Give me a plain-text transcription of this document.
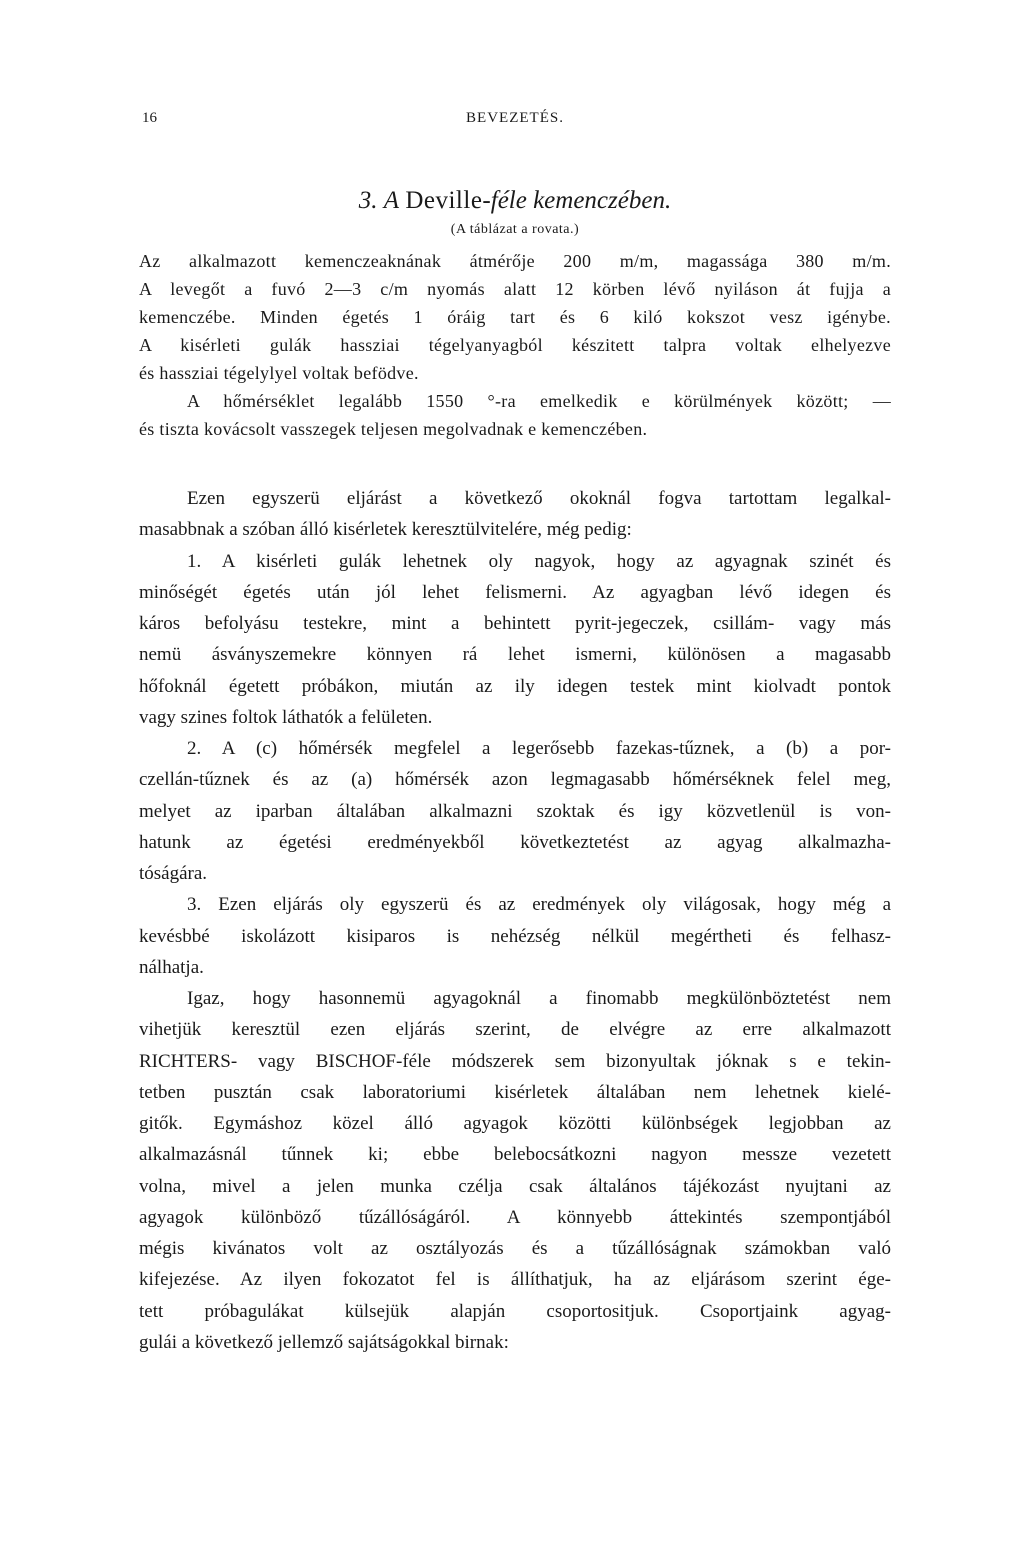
16	BEVEZETÉS.
3. A Deville-féle kemenczében.
(A táblázat a rovata.)
Az alkalmazott kemenczeaknának átmérője 200 m/m, magassága 380 m/m.
A levegőt a fuvó 2—3 c/m nyomás alatt 12 körben lévő nyiláson át fujja a
kemenczébe. Minden égetés 1 óráig tart és 6 kiló kokszot vesz igénybe.
A kisérleti gulák hassziai tégelyanyagból készitett talpra voltak elhelyezve
és hassziai tégelylyel voltak befödve.
A hőmérséklet legalább 1550 °-ra emelkedik e körülmények között; —
és tiszta kovácsolt vasszegek teljesen megolvadnak e kemenczében.
Ezen egyszerü eljárást a következő okoknál fogva tartottam legalkal-
masabbnak a szóban álló kisérletek keresztülvitelére, még pedig:
1. A kisérleti gulák lehetnek oly nagyok, hogy az agyagnak szinét és
minőségét égetés után jól lehet felismerni. Az agyagban lévő idegen és
káros befolyásu testekre, mint a behintett pyrit-jegeczek, csillám- vagy más
nemü ásványszemekre könnyen rá lehet ismerni, különösen a magasabb
hőfoknál égetett próbákon, miután az ily idegen testek mint kiolvadt pontok
vagy szines foltok láthatók a felületen.
2. A (c) hőmérsék megfelel a legerősebb fazekas-tűznek, a (b) a por-
czellán-tűznek és az (a) hőmérsék azon legmagasabb hőmérséknek felel meg,
melyet az iparban általában alkalmazni szoktak és igy közvetlenül is von-
hatunk az égetési eredményekből következtetést az agyag alkalmazha-
tóságára.
3. Ezen eljárás oly egyszerü és az eredmények oly világosak, hogy még a
kevésbbé iskolázott kisiparos is nehézség nélkül megértheti és felhasz-
nálhatja.
Igaz, hogy hasonnemü agyagoknál a finomabb megkülönböztetést nem
vihetjük keresztül ezen eljárás szerint, de elvégre az erre alkalmazott
RICHTERS- vagy BISCHOF-féle módszerek sem bizonyultak jóknak s e tekin-
tetben pusztán csak laboratoriumi kisérletek általában nem lehetnek kielé-
gitők. Egymáshoz közel álló agyagok közötti különbségek legjobban az
alkalmazásnál tűnnek ki; ebbe belebocsátkozni nagyon messze vezetett
volna, mivel a jelen munka czélja csak általános tájékozást nyujtani az
agyagok különböző tűzállóságáról. A könnyebb áttekintés szempontjából
mégis kivánatos volt az osztályozás és a tűzállóságnak számokban való
kifejezése. Az ilyen fokozatot fel is állíthatjuk, ha az eljárásom szerint ége-
tett próbagulákat külsejük alapján csoportositjuk. Csoportjaink agyag-
gulái a következő jellemző sajátságokkal birnak:
